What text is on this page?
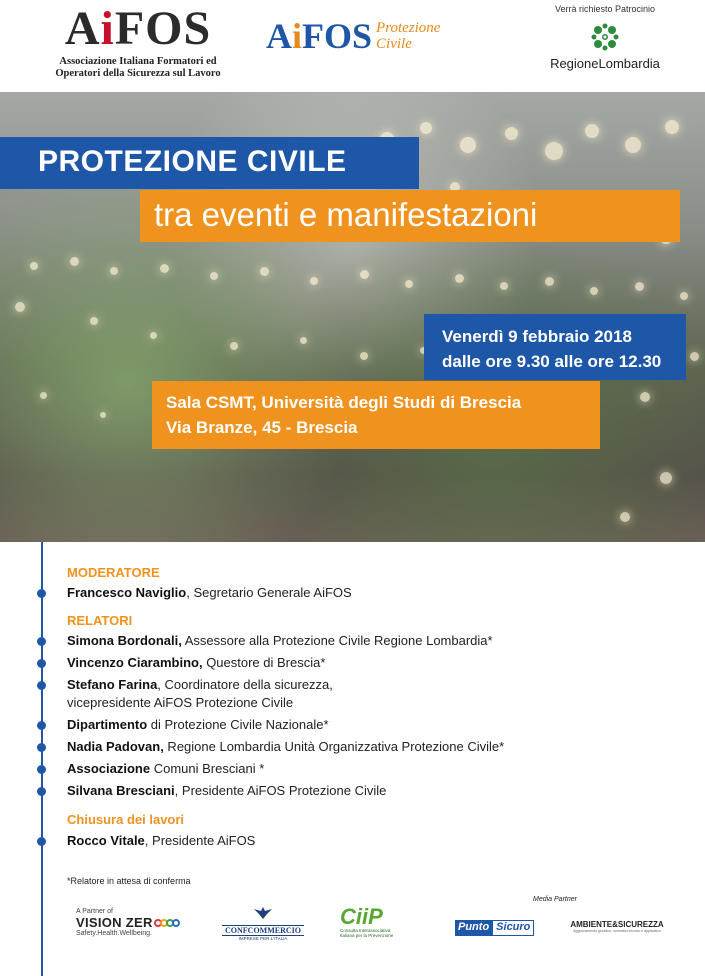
AiFOS
Associazione Italiana Formatori ed
Operatori della Sicurezza sul Lavoro
AiFOS Protezione
Civile
Verrà richiesto Patrocinio
RegioneLombardia
PROTEZIONE CIVILE
tra eventi e manifestazioni
Venerdì 9 febbraio 2018
dalle ore 9.30 alle ore 12.30
Sala CSMT, Università degli Studi di Brescia
Via Branze, 45 - Brescia
MODERATORE
Francesco Naviglio, Segretario Generale AiFOS
RELATORI
Simona Bordonali, Assessore alla Protezione Civile Regione Lombardia*
Vincenzo Ciarambino, Questore di Brescia*
Stefano Farina, Coordinatore della sicurezza,
vicepresidente AiFOS Protezione Civile
Dipartimento di Protezione Civile Nazionale*
Nadia Padovan, Regione Lombardia Unità Organizzativa Protezione Civile*
Associazione Comuni Bresciani *
Silvana Bresciani, Presidente AiFOS Protezione Civile
Chiusura dei lavori
Rocco Vitale, Presidente AiFOS
*Relatore in attesa di conferma
A Partner of
VISION ZER
Safety.Health.Wellbeing.	CONFCOMMERCIO
IMPRESE PER L'ITALIA
CiiP
Consulta Interassociativa
Italiana per la Prevenzione
Media Partner
Punto Sicuro	AMBIENTE&SICUREZZA
Aggiornamento giuridico, normativo tecnico e applicativo
